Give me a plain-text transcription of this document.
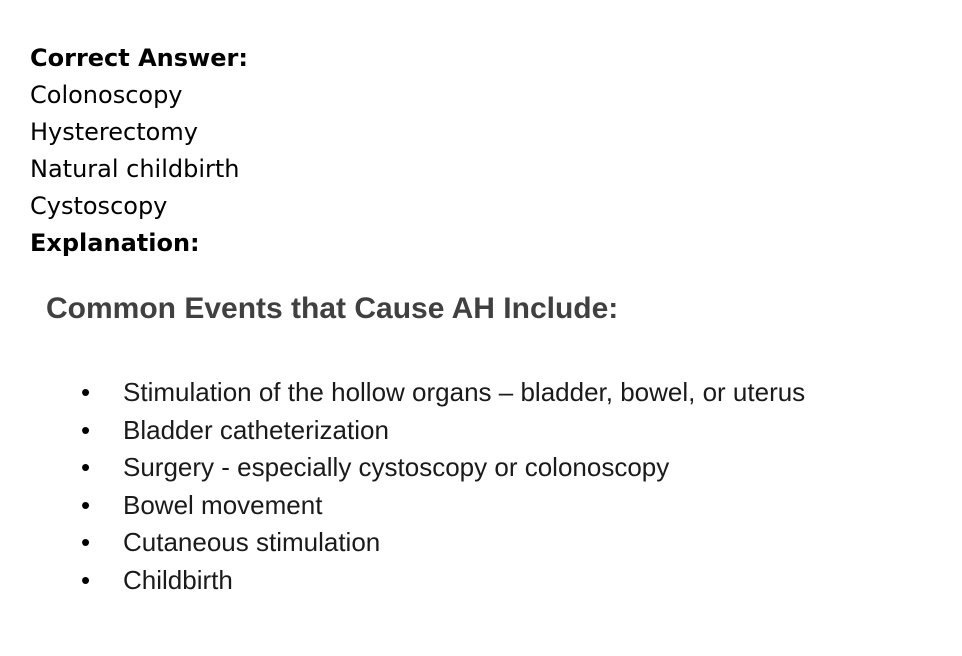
Correct Answer:

Colonoscopy

Hysterectomy

Natural childbirth

Cystoscopy

Explanation:

Common Events that Cause AH Include:
• Stimulation of the hollow organs – bladder, bowel, or uterus
• Bladder catheterization
• Surgery - especially cystoscopy or colonoscopy
• Bowel movement
• Cutaneous stimulation
• Childbirth
